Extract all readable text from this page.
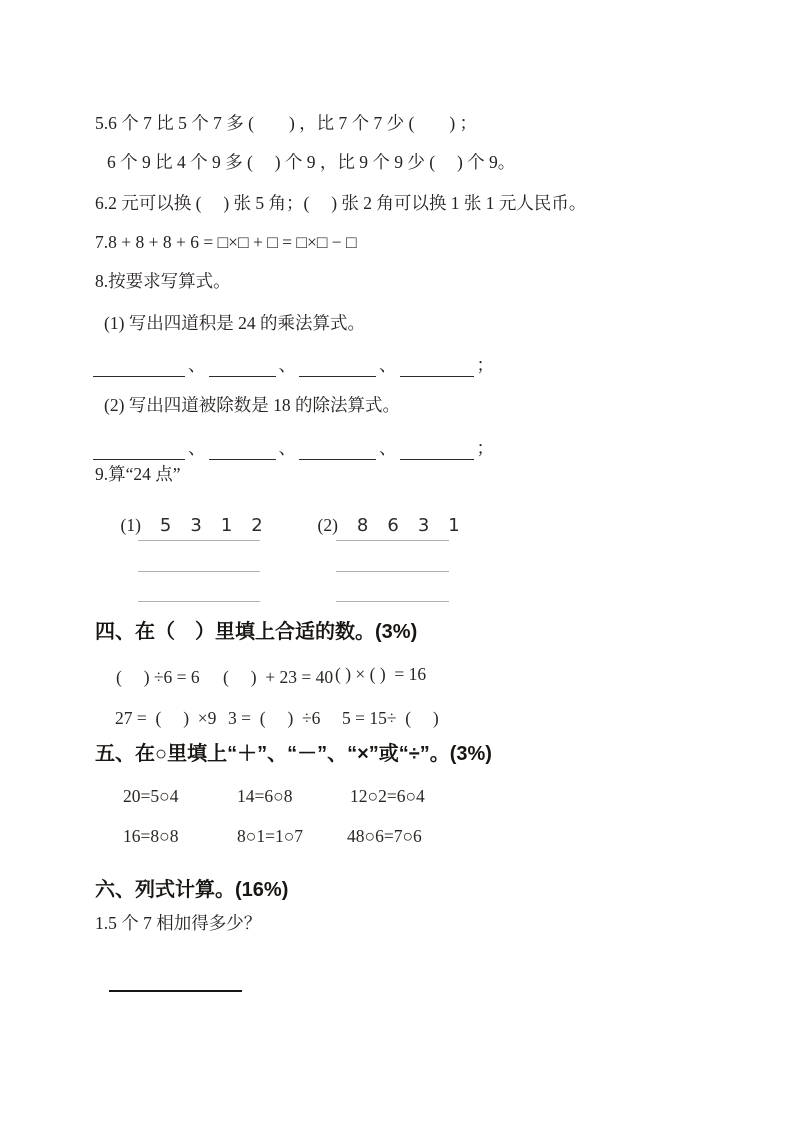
5.6 个 7 比 5 个 7 多 (　　) ，比 7 个 7 少 (　　) ；
6 个 9 比 4 个 9 多 (　 ) 个 9 ，比 9 个 9 少 (　 ) 个 9。
6.2 元可以换 ( 　) 张 5 角；( 　) 张 2 角可以换 1 张 1 元人民币。
7.8 + 8 + 8 + 6 = □×□ + □ = □×□ − □
8.按要求写算式。
(1) 写出四道积是 24 的乘法算式。
、	、	、	；
(2) 写出四道被除数是 18 的除法算式。
、	、	、	；
9.算“24 点”

(1) 5 3 1 2
	(2) 8 6 3 1

四、在（　）里填上合适的数。(3%)
(　 ) ÷6 = 6 (　 )  + 23 = 40 ( ) × ( )  = 16
27 =  (　 )  ×9 3 =  (　 )  ÷6 5 = 15÷  (　 )
五、在○里填上“＋”、“－”、“×”或“÷”。(3%)
20=5○4	14=6○8	12○2=6○4
16=8○8	8○1=1○7	48○6=7○6
六、列式计算。(16%)
1.5 个 7 相加得多少？
